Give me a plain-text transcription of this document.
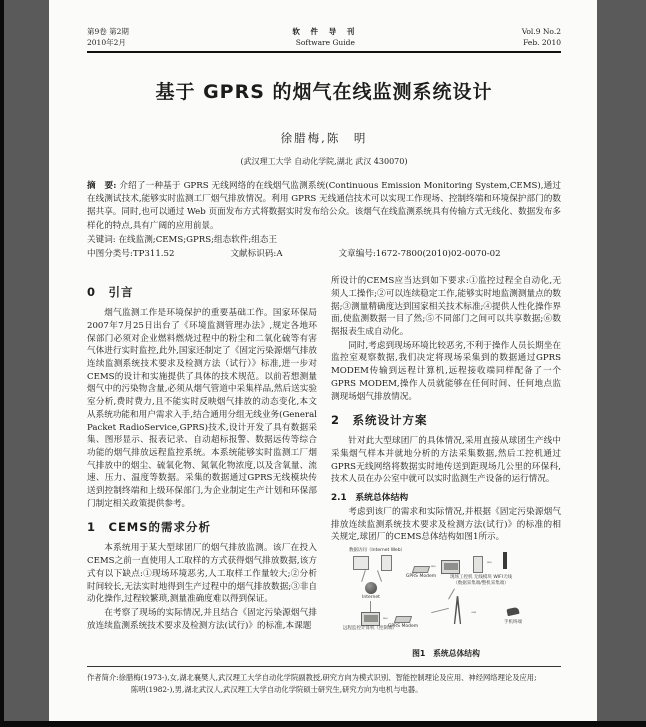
第9卷 第2期
2010年2月
软 件 导 刊
Software Guide
Vol.9 No.2
Feb. 2010
基于 GPRS 的烟气在线监测系统设计
徐腊梅,陈　明
(武汉理工大学 自动化学院,湖北 武汉 430070)
摘　要: 介绍了一种基于 GPRS 无线网络的在线烟气监测系统(Continuous Emission Monitoring System,CEMS),通过在线测试技术,能够实时监测工厂烟气排放情况。利用 GPRS 无线通信技术可以实现工作现场、控制终端和环境保护部门的数据共享。同时,也可以通过 Web 页面发布方式将数据实时发布给公众。该烟气在线监测系统具有传输方式无线化、数据发布多样化的特点,具有广阔的应用前景。
关键词: 在线监测;CEMS;GPRS;组态软件;组态王
中图分类号:TP311.52	文献标识码:A	文章编号:1672-7800(2010)02-0070-02
0　引言

烟气监测工作是环境保护的重要基础工作。国家环保局2007年7月25日出台了《环境监测管理办法》,规定各地环保部门必须对企业燃料燃烧过程中的粉尘和二氧化硫等有害气体进行实时监控,此外,国家还制定了《固定污染源烟气排放连续监测系统技术要求及检测方法（试行）》标准,进一步对CEMS的设计和实施提供了具体的技术规范。以前若想测量烟气中的污染物含量,必须从烟气管道中采集样品,然后送实验室分析,费时费力,且不能实时反映烟气排放的动态变化,本文从系统功能和用户需求入手,结合通用分组无线业务(General Packet RadioService,GPRS)技术,设计开发了具有数据采集、图形显示、报表记录、自动超标报警、数据远传等综合功能的烟气排放远程监控系统。本系统能够实时监测工厂烟气排放中的烟尘、硫氧化物、氮氧化物浓度,以及含氧量、流速、压力、温度等数据。采集的数据通过GPRS无线模块传送到控制终端和上级环保部门,为企业制定生产计划和环保部门制定相关政策提供参考。

1　CEMS的需求分析

本系统用于某大型球团厂的烟气排放监测。该厂在投入CEMS之前一直使用人工取样的方式获得烟气排放数据,该方式有以下缺点:①现场环境恶劣,人工取样工作量较大;②分析时间较长,无法实时地得到生产过程中的烟气排放数据;③非自动化操作,过程较繁琐,测量准确度难以得到保证。

在考察了现场的实际情况,并且结合《固定污染源烟气排放连续监测系统技术要求及检测方法(试行)》的标准,本课题

所设计的CEMS应当达到如下要求:①监控过程全自动化,无须人工操作;②可以连续稳定工作,能够实时地监测测量点的数据;③测量精确度达到国家相关技术标准;④提供人性化操作界面,使监测数据一目了然;⑤不同部门之间可以共享数据;⑥数据报表生成自动化。

同时,考虑到现场环境比较恶劣,不利于操作人员长期坐在监控室观察数据,我们决定将现场采集到的数据通过GPRS MODEM传输到远程计算机,远程接收端同样配备了一个GPRS MODEM,操作人员就能够在任何时间、任何地点监测现场烟气排放情况。

2　系统设计方案

针对此大型球团厂的具体情况,采用直接从球团生产线中采集烟气样本并就地分析的方法采集数据,然后工控机通过GPRS无线网络将数据实时地传送到距现场几公里的环保科,技术人员在办公室中就可以实时监测生产设备的运行情况。

2.1　系统总体结构

考虑到该厂的需求和实际情况,并根据《固定污染源烟气排放连续监测系统技术要求及检测方法(试行)》的标准的相关规定,球团厂的CEMS总体结构如图1所示。

数据访问（Internet Web）
Internet
远程监控计算机（控制端）
←
GPRS Modem
→
手机终端
GPRS Modem
←
←
现场工控机 无线模块 WIFI天线
（数据采集端/整机采集端）
图1　系统总体结构
作者简介:徐腊梅(1973-),女,湖北襄樊人,武汉理工大学自动化学院副教授,研究方向为模式识别、智能控制理论及应用、神经网络理论及应用;
陈明(1982-),男,湖北武汉人,武汉理工大学自动化学院硕士研究生,研究方向为电机与电器。
